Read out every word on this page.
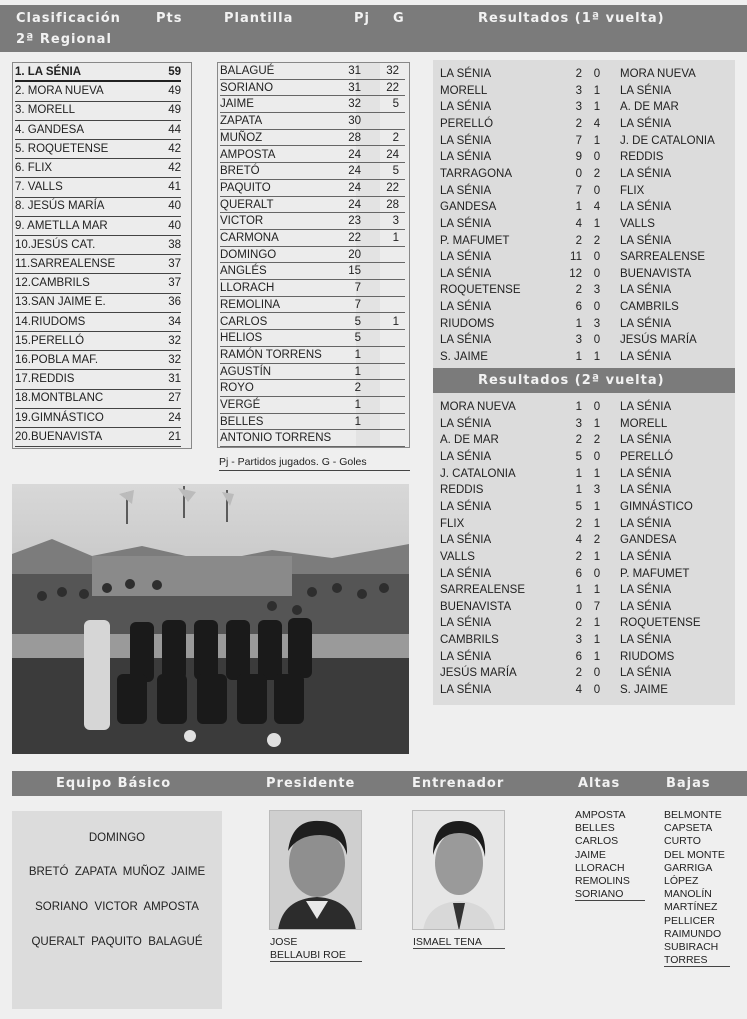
Clasificación	Pts
2ª Regional
Plantilla	Pj G	Resultados (1ª vuelta)
1. LA SÉNIA	59
2. MORA NUEVA	49
3. MORELL	49
4. GANDESA	44
5. ROQUETENSE	42
6. FLIX	42
7. VALLS	41
8. JESÚS MARÍA	40
9. AMETLLA MAR	40
10.JESÚS CAT.	38
11.SARREALENSE	37
12.CAMBRILS	37
13.SAN JAIME E.	36
14.RIUDOMS	34
15.PERELLÓ	32
16.POBLA MAF.	32
17.REDDIS	31
18.MONTBLANC	27
19.GIMNÁSTICO	24
20.BUENAVISTA	21
BALAGUÉ	31 32
SORIANO	31 22
JAIME	32	5
ZAPATA	30
MUÑOZ	28	2
AMPOSTA	24 24
BRETÓ	24	5
PAQUITO	24 22
QUERALT	24 28
VICTOR	23	3
CARMONA	22	1
DOMINGO	20
ANGLÉS	15
LLORACH	7
REMOLINA	7
CARLOS	5	1
HELIOS	5
RAMÓN TORRENS	1
AGUSTÍN	1
ROYO	2
VERGÉ	1
BELLES	1
ANTONIO TORRENS
Pj - Partidos jugados. G - Goles
LA SÉNIA	2	0	MORA NUEVA
MORELL	3	1	LA SÉNIA
LA SÉNIA	3	1	A. DE MAR
PERELLÓ	2	4	LA SÉNIA
LA SÉNIA	7	1	J. DE CATALONIA
LA SÉNIA	9	0	REDDIS
TARRAGONA	0	2	LA SÉNIA
LA SÉNIA	7	0	FLIX
GANDESA	1	4	LA SÉNIA
LA SÉNIA	4	1	VALLS
P. MAFUMET	2	2	LA SÉNIA
LA SÉNIA	11	0	SARREALENSE
LA SÉNIA	12	0	BUENAVISTA
ROQUETENSE	2	3	LA SÉNIA
LA SÉNIA	6	0	CAMBRILS
RIUDOMS	1	3	LA SÉNIA
LA SÉNIA	3	0	JESÚS MARÍA
S. JAIME	1	1	LA SÉNIA
Resultados (2ª vuelta)
MORA NUEVA	1	0	LA SÉNIA
LA SÉNIA	3	1	MORELL
A. DE MAR	2	2	LA SÉNIA
LA SÉNIA	5	0	PERELLÓ
J. CATALONIA	1	1	LA SÉNIA
REDDIS	1	3	LA SÉNIA
LA SÉNIA	5	1	GIMNÁSTICO
FLIX	2	1	LA SÉNIA
LA SÉNIA	4	2	GANDESA
VALLS	2	1	LA SÉNIA
LA SÉNIA	6	0	P. MAFUMET
SARREALENSE	1	1	LA SÉNIA
BUENAVISTA	0	7	LA SÉNIA
LA SÉNIA	2	1	ROQUETENSE
CAMBRILS	3	1	LA SÉNIA
LA SÉNIA	6	1	RIUDOMS
JESÚS MARÍA	2	0	LA SÉNIA
LA SÉNIA	4	0	S. JAIME
Equipo Básico	Presidente	Entrenador	Altas	Bajas
DOMINGO
BRETÓ  ZAPATA  MUÑOZ  JAIME
SORIANO  VICTOR  AMPOSTA
QUERALT  PAQUITO  BALAGUÉ	JOSE
BELLAUBI ROE
ISMAEL TENA
AMPOSTA
BELLES
CARLOS
JAIME
LLORACH
REMOLINS
SORIANO
BELMONTE
CAPSETA
CURTO
DEL MONTE
GARRIGA
LÓPEZ
MANOLÍN
MARTÍNEZ
PELLICER
RAIMUNDO
SUBIRACH
TORRES
